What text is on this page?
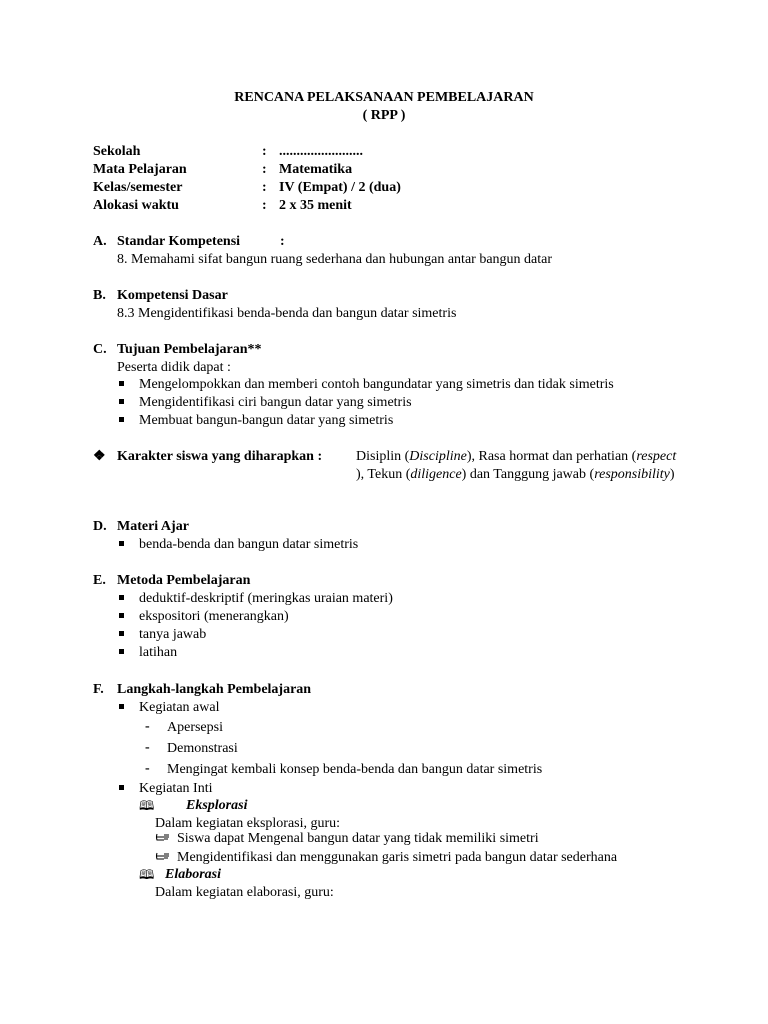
RENCANA PELAKSANAAN PEMBELAJARAN
( RPP )
Sekolah	: ........................
Mata Pelajaran	: Matematika
Kelas/semester	: IV (Empat) / 2 (dua)
Alokasi waktu	: 2 x 35 menit
A. Standar Kompetensi	:
8. Memahami sifat bangun ruang sederhana dan hubungan antar bangun datar
B. Kompetensi Dasar
8.3 Mengidentifikasi benda-benda dan bangun datar simetris
C. Tujuan Pembelajaran**
Peserta didik dapat :
Mengelompokkan dan memberi contoh bangundatar yang simetris dan tidak simetris
Mengidentifikasi ciri bangun datar yang simetris
Membuat bangun-bangun datar yang simetris
❖ Karakter siswa yang diharapkan : Disiplin (Discipline), Rasa hormat dan perhatian (respect ), Tekun (diligence) dan Tanggung jawab (responsibility)
D. Materi Ajar
benda-benda dan bangun datar simetris
E. Metoda Pembelajaran
deduktif-deskriptif (meringkas uraian materi)
ekspositori (menerangkan)
tanya jawab
latihan
F. Langkah-langkah Pembelajaran
Kegiatan awal
- Apersepsi
- Demonstrasi
- Mengingat kembali konsep benda-benda dan bangun datar simetris
Kegiatan Inti
🕮 Eksplorasi
Dalam kegiatan eksplorasi, guru:
Siswa dapat Mengenal bangun datar yang tidak memiliki simetri
Mengidentifikasi dan menggunakan garis simetri pada bangun datar sederhana
🕮 Elaborasi
Dalam kegiatan elaborasi, guru:
